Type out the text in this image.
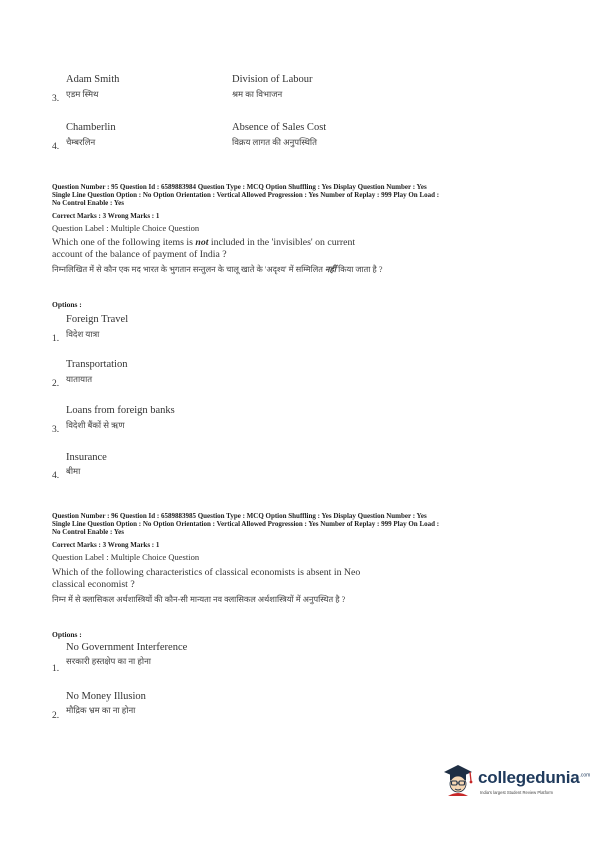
Adam Smith
एडम स्मिथ
3.
Division of Labour
श्रम का विभाजन
Chamberlin
चैम्बरलिन
4.
Absence of Sales Cost
विक्रय लागत की अनुपस्थिति
Question Number : 95 Question Id : 6589883984 Question Type : MCQ Option Shuffling : Yes Display Question Number : Yes
Single Line Question Option : No Option Orientation : Vertical Allowed Progression : Yes Number of Replay : 999 Play On Load :
No Control Enable : Yes
Correct Marks : 3 Wrong Marks : 1
Question Label : Multiple Choice Question
Which one of the following items is not included in the 'invisibles' on current
account of the balance of payment of India ?
निम्नलिखित में से कौन एक मद भारत के भुगतान सन्तुलन के चालू खाते के 'अदृश्य' में सम्मिलित नहीं किया जाता है ?
Options :
Foreign Travel
विदेश यात्रा
1.
Transportation
यातायात
2.
Loans from foreign banks
विदेशी बैंकों से ऋण
3.
Insurance
बीमा
4.
Question Number : 96 Question Id : 6589883985 Question Type : MCQ Option Shuffling : Yes Display Question Number : Yes
Single Line Question Option : No Option Orientation : Vertical Allowed Progression : Yes Number of Replay : 999 Play On Load :
No Control Enable : Yes
Correct Marks : 3 Wrong Marks : 1
Question Label : Multiple Choice Question
Which of the following characteristics of classical economists is absent in Neo
classical economist ?
निम्न में से क्लासिकल अर्थशास्त्रियों की कौन-सी मान्यता नव क्लासिकल अर्थशास्त्रियों में अनुपस्थित है ?
Options :
No Government Interference
सरकारी हस्तक्षेप का ना होना
1.
No Money Illusion
मौद्रिक भ्रम का ना होना
2.
collegedunia$^{.com}$
India's largest Student Review Platform
